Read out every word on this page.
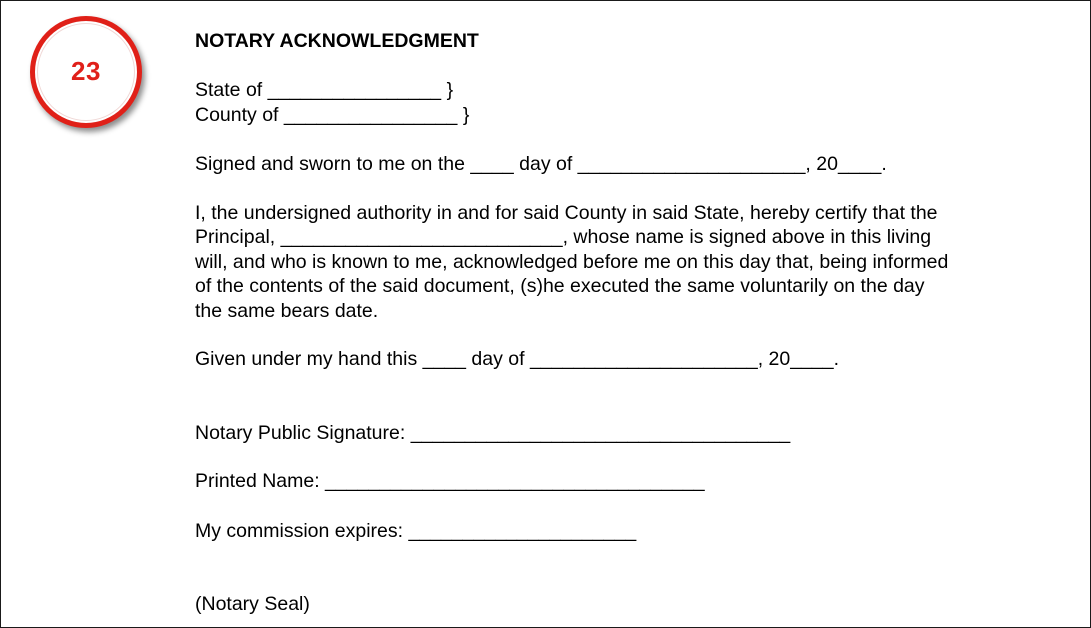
23
NOTARY ACKNOWLEDGMENT
State of ________________ }
County of ________________ }
Signed and sworn to me on the ____ day of _____________________, 20____.
I, the undersigned authority in and for said County in said State, hereby certify that the
Principal, __________________________, whose name is signed above in this living
will, and who is known to me, acknowledged before me on this day that, being informed
of the contents of the said document, (s)he executed the same voluntarily on the day
the same bears date.
Given under my hand this ____ day of _____________________, 20____.
Notary Public Signature: ___________________________________
Printed Name: ___________________________________
My commission expires: _____________________
(Notary Seal)
